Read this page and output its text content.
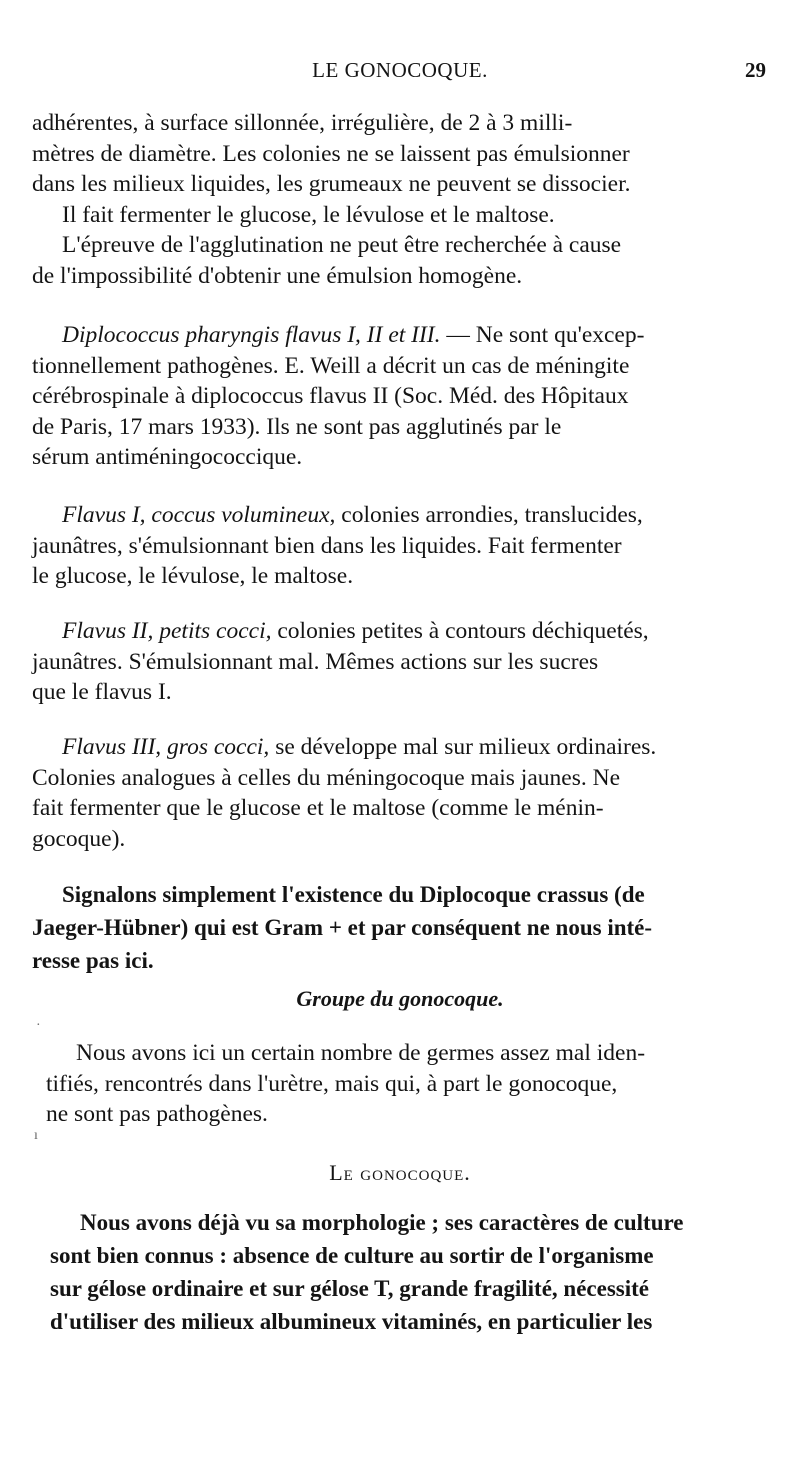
LE GONOCOQUE.	29

adhérentes, à surface sillonnée, irrégulière, de 2 à 3 milli-

mètres de diamètre. Les colonies ne se laissent pas émulsionner

dans les milieux liquides, les grumeaux ne peuvent se dissocier.

Il fait fermenter le glucose, le lévulose et le maltose.

L'épreuve de l'agglutination ne peut être recherchée à cause

de l'impossibilité d'obtenir une émulsion homogène.

Diplococcus pharyngis flavus I, II et III. — Ne sont qu'excep-

tionnellement pathogènes. E. Weill a décrit un cas de méningite

cérébrospinale à diplococcus flavus II (Soc. Méd. des Hôpitaux

de Paris, 17 mars 1933). Ils ne sont pas agglutinés par le

sérum antiméningococcique.

Flavus I, coccus volumineux, colonies arrondies, translucides,

jaunâtres, s'émulsionnant bien dans les liquides. Fait fermenter

le glucose, le lévulose, le maltose.

Flavus II, petits cocci, colonies petites à contours déchiquetés,

jaunâtres. S'émulsionnant mal. Mêmes actions sur les sucres

que le flavus I.

Flavus III, gros cocci, se développe mal sur milieux ordinaires.

Colonies analogues à celles du méningocoque mais jaunes. Ne

fait fermenter que le glucose et le maltose (comme le ménin-

gocoque).

Signalons simplement l'existence du Diplocoque crassus (de

Jaeger-Hübner) qui est Gram + et par conséquent ne nous inté-

resse pas ici.

Groupe du gonocoque.
·

Nous avons ici un certain nombre de germes assez mal iden-

tifiés, rencontrés dans l'urètre, mais qui, à part le gonocoque,

ne sont pas pathogènes.

ı
Le gonocoque.

Nous avons déjà vu sa morphologie ; ses caractères de culture

sont bien connus : absence de culture au sortir de l'organisme

sur gélose ordinaire et sur gélose T, grande fragilité, nécessité

d'utiliser des milieux albumineux vitaminés, en particulier les
